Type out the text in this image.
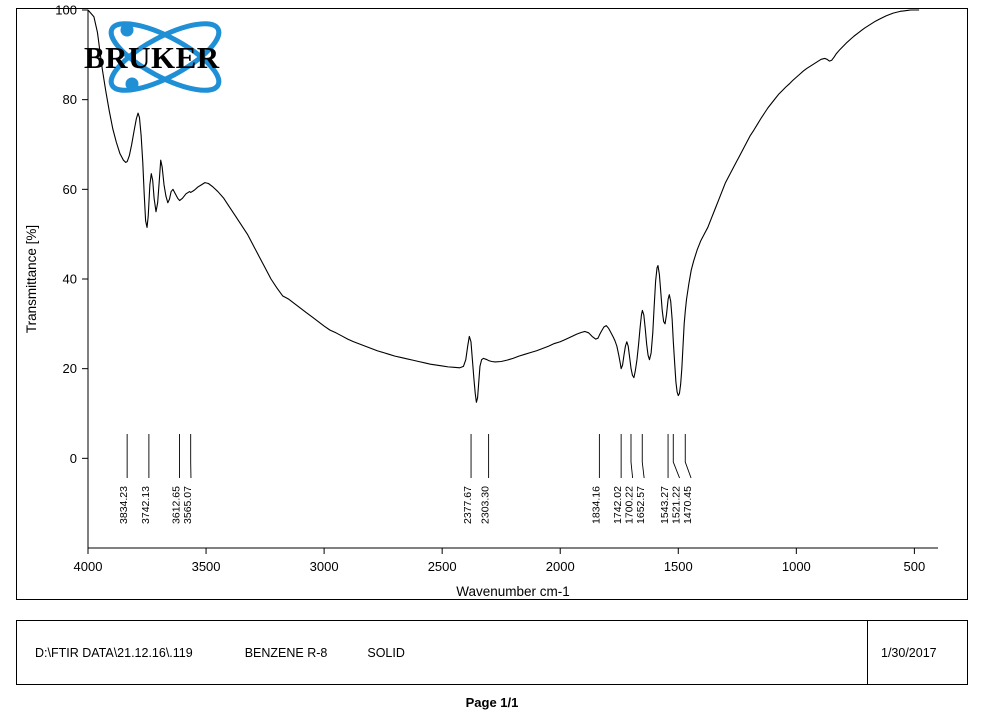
4000	3500	3000	2500	2000	1500	1000	500
0
20
40
60
80
100
Wavenumber cm-1
Transmittance [%]
3834.23 3742.13 3612.65 3565.07	2377.67 2303.30	1834.16 1742.02 1700.22 1652.57 1543.27 1521.22 1470.45
BRUKER
D:\FTIR DATA\21.12.16\.119	BENZENE R-8	SOLID	1/30/2017
Page 1/1
